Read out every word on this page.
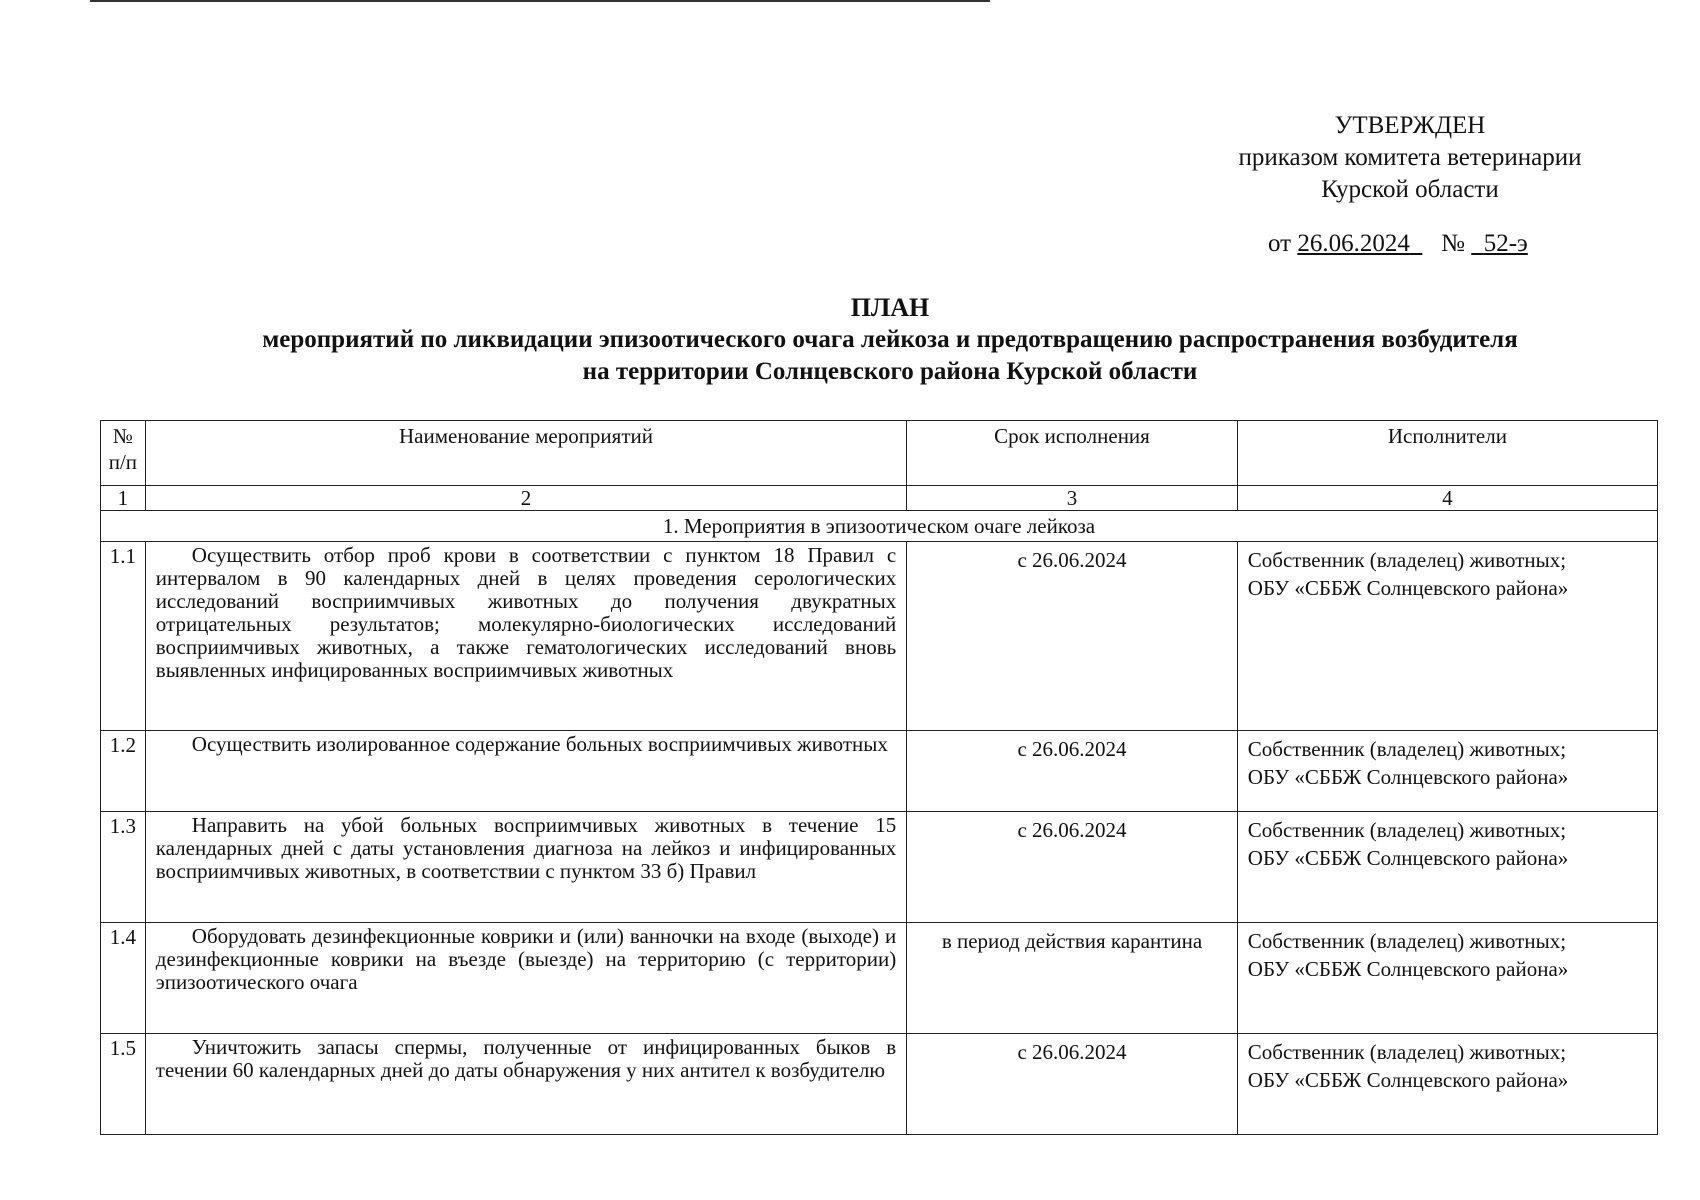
УТВЕРЖДЕН
приказом комитета ветеринарии
Курской области
от 26.06.2024 № 52-э
ПЛАН
мероприятий по ликвидации эпизоотического очага лейкоза и предотвращению распространения возбудителя
на территории Солнцевского района Курской области
№ п/п	Наименование мероприятий	Срок исполнения	Исполнители
1	2	3	4
1. Мероприятия в эпизоотическом очаге лейкоза			
1.1	Осуществить отбор проб крови в соответствии с пунктом 18 Правил с интервалом в 90 календарных дней в целях проведения серологических исследований восприимчивых животных до получения двукратных отрицательных результатов; молекулярно-биологических исследований восприимчивых животных, а также гематологических исследований вновь выявленных инфицированных восприимчивых животных	с 26.06.2024	Собственник (владелец) животных;
ОБУ «СББЖ Солнцевского района»

1.2	Осуществить изолированное содержание больных восприимчивых животных	с 26.06.2024	Собственник (владелец) животных;
ОБУ «СББЖ Солнцевского района»

1.3	Направить на убой больных восприимчивых животных в течение 15 календарных дней с даты установления диагноза на лейкоз и инфицированных восприимчивых животных, в соответствии с пунктом 33 б) Правил	с 26.06.2024	Собственник (владелец) животных;
ОБУ «СББЖ Солнцевского района»

1.4	Оборудовать дезинфекционные коврики и (или) ванночки на входе (выходе) и дезинфекционные коврики на въезде (выезде) на территорию (с территории) эпизоотического очага	в период действия карантина	Собственник (владелец) животных;
ОБУ «СББЖ Солнцевского района»

1.5	Уничтожить запасы спермы, полученные от инфицированных быков в течении 60 календарных дней до даты обнаружения у них антител к возбудителю	с 26.06.2024	Собственник (владелец) животных;
ОБУ «СББЖ Солнцевского района»
